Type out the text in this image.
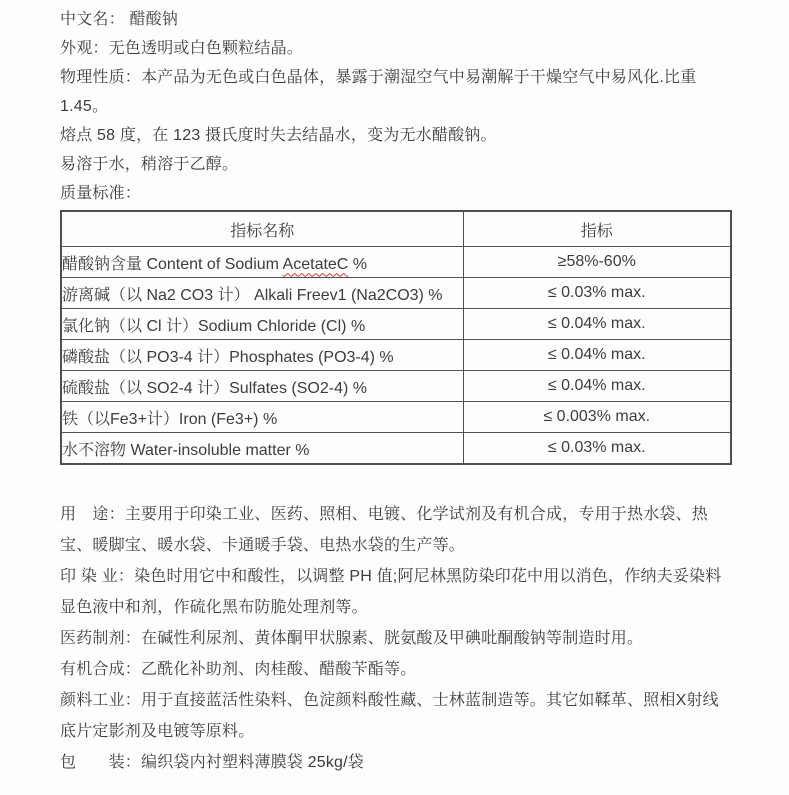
中文名： 醋酸钠

外观：无色透明或白色颗粒结晶。

物理性质：本产品为无色或白色晶体，暴露于潮湿空气中易潮解于干燥空气中易风化.比重 1.45。

熔点 58 度，在 123 摄氏度时失去结晶水，变为无水醋酸钠。

易溶于水，稍溶于乙醇。

质量标准：

指标名称	指标
醋酸钠含量 Content of Sodium AcetateC %	≥58%-60%
游离碱（以 Na2 CO3 计） Alkali Freev1 (Na2CO3) %	≤ 0.03% max.
氯化钠（以 Cl 计）Sodium Chloride (Cl) %	≤ 0.04% max.
磷酸盐（以 PO3-4 计）Phosphates (PO3-4) %	≤ 0.04% max.
硫酸盐（以 SO2-4 计）Sulfates (SO2-4) %	≤ 0.04% max.
铁（以Fe3+计）Iron (Fe3+) %	≤ 0.003% max.
水不溶物 Water-insoluble matter %	≤ 0.03% max.

用　途：主要用于印染工业、医药、照相、电镀、化学试剂及有机合成，专用于热水袋、热宝、暖脚宝、暖水袋、卡通暖手袋、电热水袋的生产等。

印 染 业：染色时用它中和酸性，以调整 PH 值;阿尼林黑防染印花中用以消色，作纳夫妥染料显色液中和剂，作硫化黑布防脆处理剂等。

医药制剂：在碱性利尿剂、黄体酮甲状腺素、胱氨酸及甲碘吡酮酸钠等制造时用。

有机合成：乙酰化补助剂、肉桂酸、醋酸苄酯等。

颜料工业：用于直接蓝活性染料、色淀颜料酸性藏、士林蓝制造等。其它如鞣革、照相X射线底片定影剂及电镀等原料。

包　　装：编织袋内衬塑料薄膜袋 25kg/袋
